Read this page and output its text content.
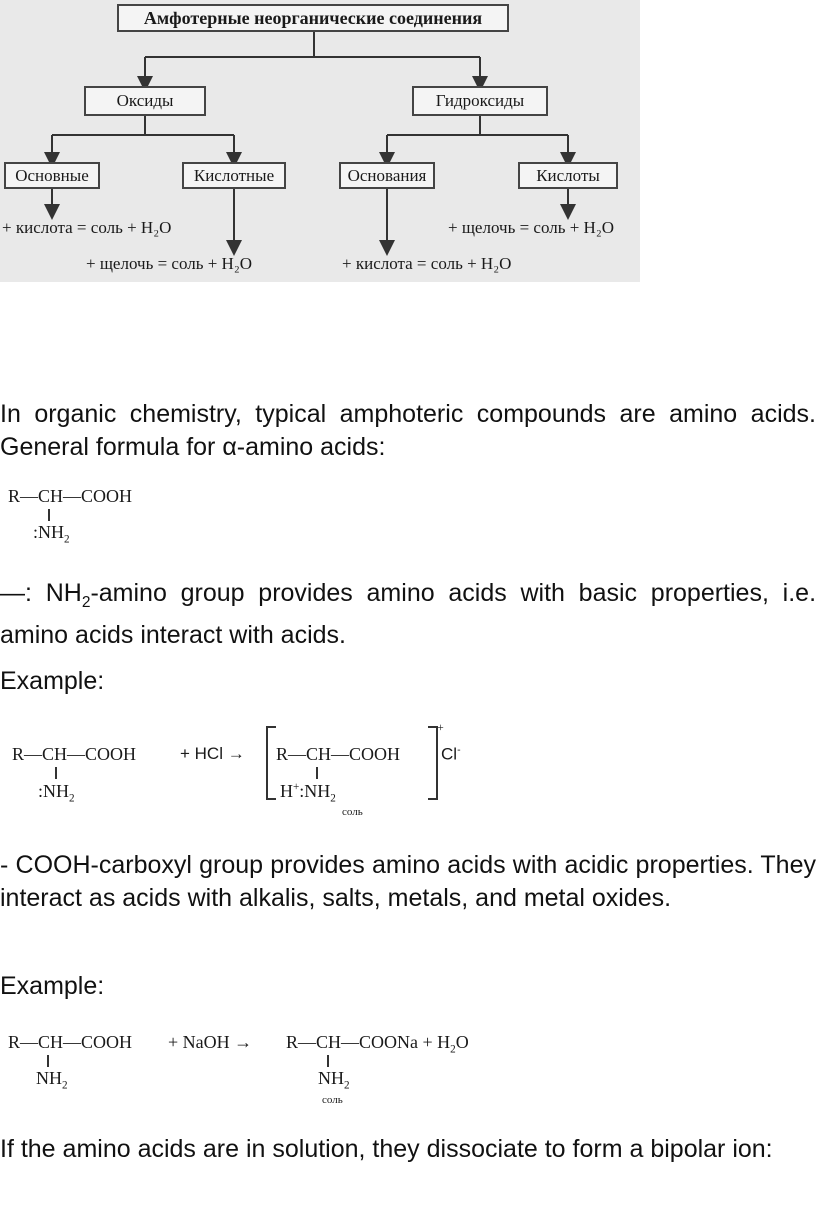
Амфотерные неорганические соединения
Оксиды	Гидроксиды
Основные	Кислотные	Основания	Кислоты
+ кислота = соль + H₂O
+ щелочь = соль + H₂O
+ щелочь = соль + H₂O
+ кислота = соль + H₂O
In organic chemistry, typical amphoteric compounds are amino acids. General formula for α-amino acids:
R—CH—COOH
$:NH_2$
—: $NH_2$-amino group provides amino acids with basic properties, i.e. amino acids interact with acids.
Example:
R—CH—COOH
$:NH_2$
+ HCl → R—CH—COOH
$H^+:NH_2$
+
Cl-
соль
- COOH-carboxyl group provides amino acids with acidic properties. They interact as acids with alkalis, salts, metals, and metal oxides.
Example:
R—CH—COOH
$NH_2$
+ NaOH → R—CH—COONa + $H_2O$
$NH_2$
соль
If the amino acids are in solution, they dissociate to form a bipolar ion:
